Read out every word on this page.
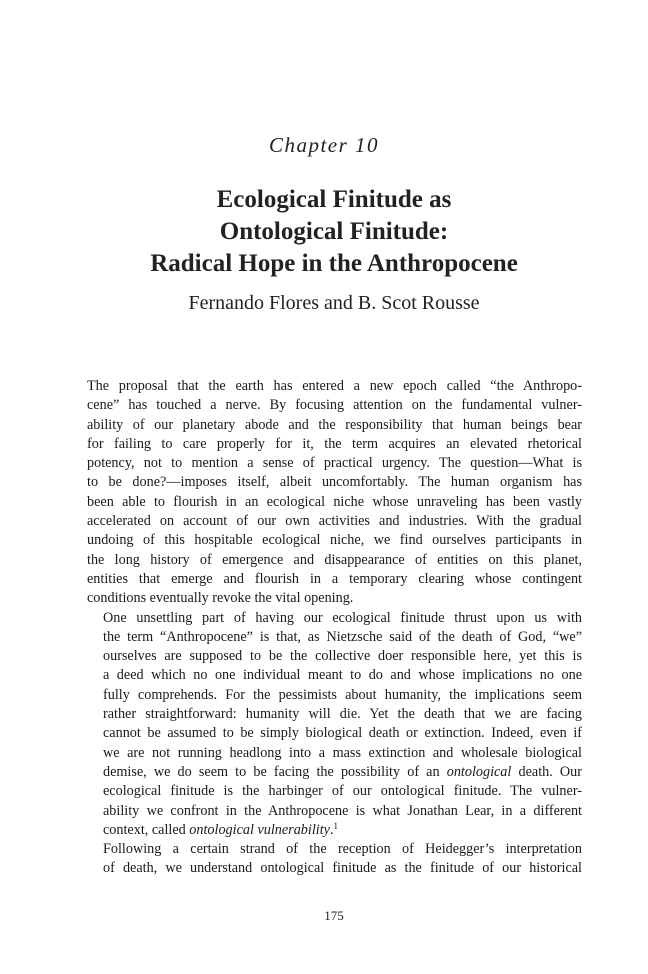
Chapter 10
Ecological Finitude as
Ontological Finitude:
Radical Hope in the Anthropocene
Fernando Flores and B. Scot Rousse

The proposal that the earth has entered a new epoch called “the Anthropo-
cene” has touched a nerve. By focusing attention on the fundamental vulner-
ability of our planetary abode and the responsibility that human beings bear
for failing to care properly for it, the term acquires an elevated rhetorical
potency, not to mention a sense of practical urgency. The question—What is
to be done?—imposes itself, albeit uncomfortably. The human organism has
been able to flourish in an ecological niche whose unraveling has been vastly
accelerated on account of our own activities and industries. With the gradual
undoing of this hospitable ecological niche, we find ourselves participants in
the long history of emergence and disappearance of entities on this planet,
entities that emerge and flourish in a temporary clearing whose contingent
conditions eventually revoke the vital opening.

One unsettling part of having our ecological finitude thrust upon us with
the term “Anthropocene” is that, as Nietzsche said of the death of God, “we”
ourselves are supposed to be the collective doer responsible here, yet this is
a deed which no one individual meant to do and whose implications no one
fully comprehends. For the pessimists about humanity, the implications seem
rather straightforward: humanity will die. Yet the death that we are facing
cannot be assumed to be simply biological death or extinction. Indeed, even if
we are not running headlong into a mass extinction and wholesale biological
demise, we do seem to be facing the possibility of an ontological death. Our
ecological finitude is the harbinger of our ontological finitude. The vulner-
ability we confront in the Anthropocene is what Jonathan Lear, in a different
context, called ontological vulnerability.$^1$

Following a certain strand of the reception of Heidegger’s interpretation
of death, we understand ontological finitude as the finitude of our historical

175
